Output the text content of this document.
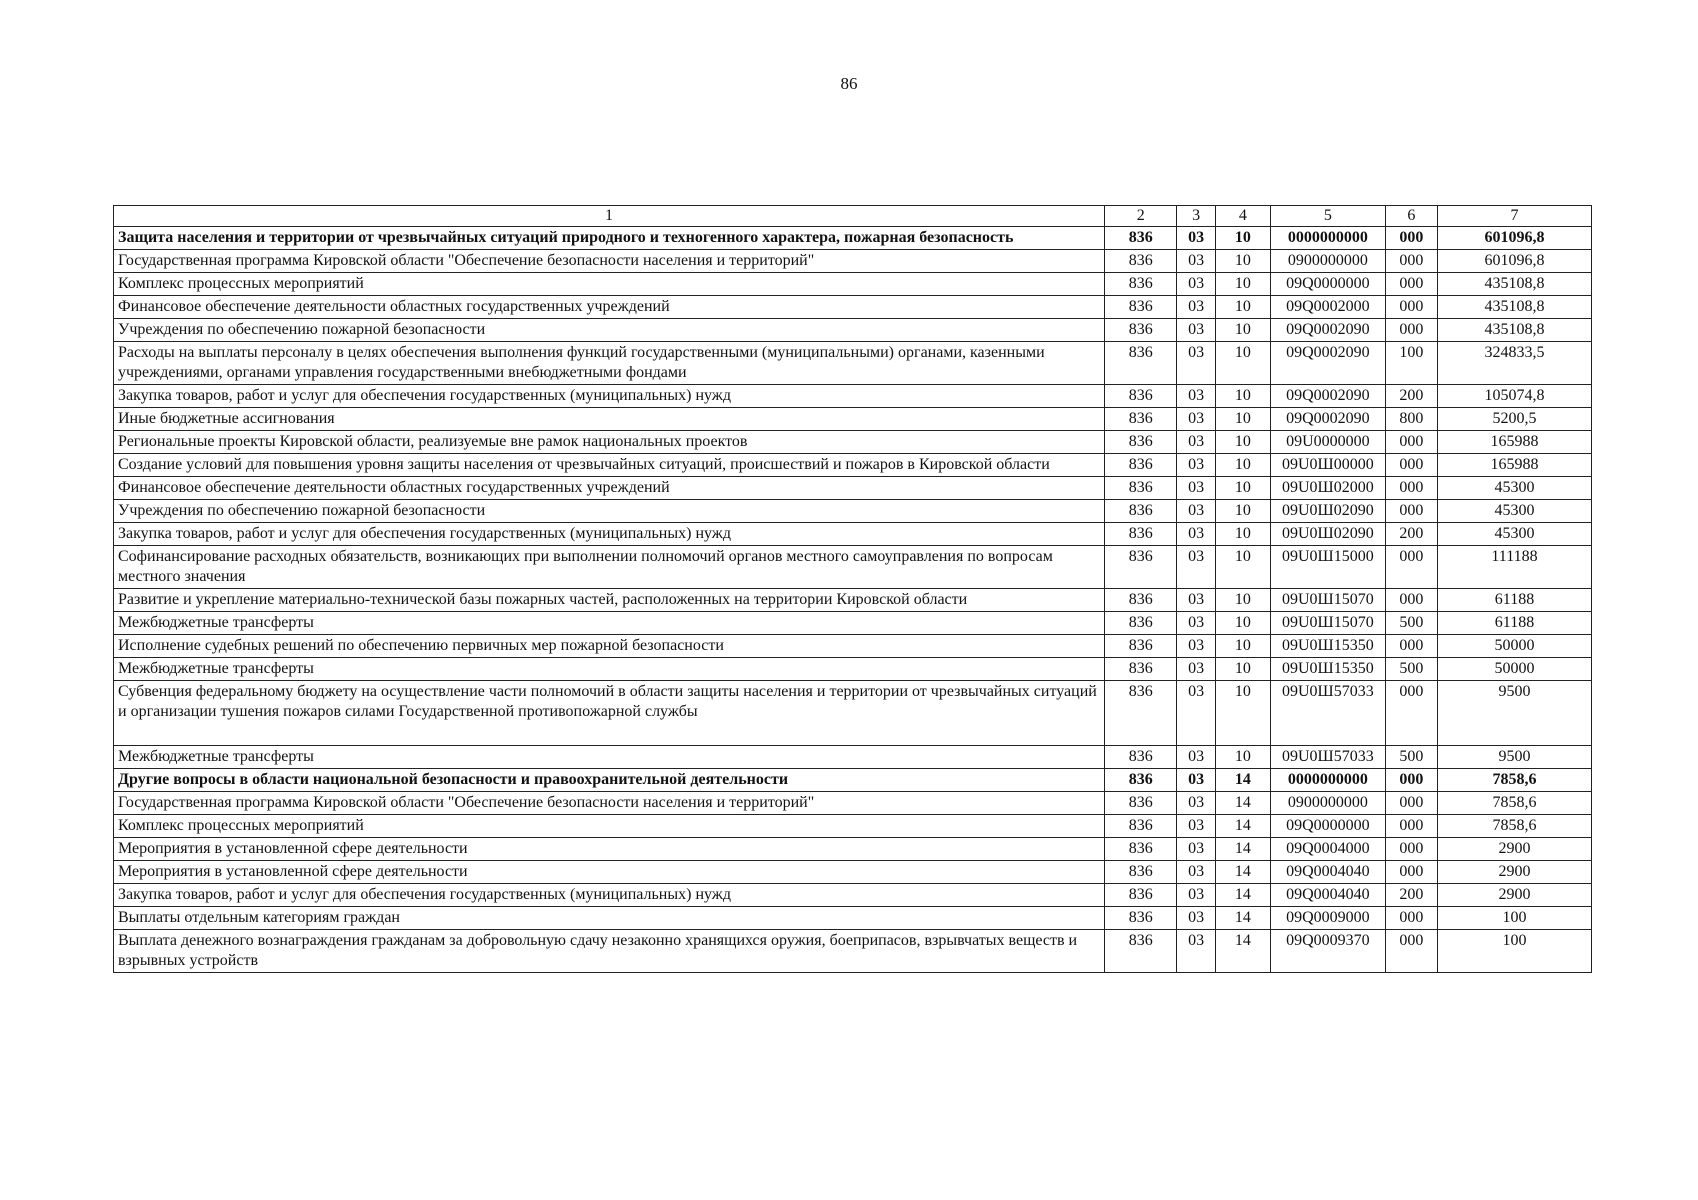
86
1	2	3	4	5	6	7
Защита населения и территории от чрезвычайных ситуаций природного и техногенного характера, пожарная безопасность	836	03	10	0000000000	000	601096,8
Государственная программа Кировской области "Обеспечение безопасности населения и территорий"	836	03	10	0900000000	000	601096,8
Комплекс процессных мероприятий	836	03	10	09Q0000000	000	435108,8
Финансовое обеспечение деятельности областных государственных учреждений	836	03	10	09Q0002000	000	435108,8
Учреждения по обеспечению пожарной безопасности	836	03	10	09Q0002090	000	435108,8
Расходы на выплаты персоналу в целях обеспечения выполнения функций государственными (муниципальными) органами, казенными учреждениями, органами управления государственными внебюджетными фондами	836	03	10	09Q0002090	100	324833,5
Закупка товаров, работ и услуг для обеспечения государственных (муниципальных) нужд	836	03	10	09Q0002090	200	105074,8
Иные бюджетные ассигнования	836	03	10	09Q0002090	800	5200,5
Региональные проекты Кировской области, реализуемые вне рамок национальных проектов	836	03	10	09U0000000	000	165988
Создание условий для повышения уровня защиты населения от чрезвычайных ситуаций, происшествий и пожаров в Кировской области	836	03	10	09U0Ш00000	000	165988
Финансовое обеспечение деятельности областных государственных учреждений	836	03	10	09U0Ш02000	000	45300
Учреждения по обеспечению пожарной безопасности	836	03	10	09U0Ш02090	000	45300
Закупка товаров, работ и услуг для обеспечения государственных (муниципальных) нужд	836	03	10	09U0Ш02090	200	45300
Софинансирование расходных обязательств, возникающих при выполнении полномочий органов местного самоуправления по вопросам местного значения	836	03	10	09U0Ш15000	000	111188
Развитие и укрепление материально-технической базы пожарных частей, расположенных на территории Кировской области	836	03	10	09U0Ш15070	000	61188
Межбюджетные трансферты	836	03	10	09U0Ш15070	500	61188
Исполнение судебных решений по обеспечению первичных мер пожарной безопасности	836	03	10	09U0Ш15350	000	50000
Межбюджетные трансферты	836	03	10	09U0Ш15350	500	50000
Субвенция федеральному бюджету на осуществление части полномочий в области защиты населения и территории от чрезвычайных ситуаций и организации тушения пожаров силами Государственной противопожарной службы	836	03	10	09U0Ш57033	000	9500
Межбюджетные трансферты	836	03	10	09U0Ш57033	500	9500
Другие вопросы в области национальной безопасности и правоохранительной деятельности	836	03	14	0000000000	000	7858,6
Государственная программа Кировской области "Обеспечение безопасности населения и территорий"	836	03	14	0900000000	000	7858,6
Комплекс процессных мероприятий	836	03	14	09Q0000000	000	7858,6
Мероприятия в установленной сфере деятельности	836	03	14	09Q0004000	000	2900
Мероприятия в установленной сфере деятельности	836	03	14	09Q0004040	000	2900
Закупка товаров, работ и услуг для обеспечения государственных (муниципальных) нужд	836	03	14	09Q0004040	200	2900
Выплаты отдельным категориям граждан	836	03	14	09Q0009000	000	100
Выплата денежного вознаграждения гражданам за добровольную сдачу незаконно хранящихся оружия, боеприпасов, взрывчатых веществ и взрывных устройств	836	03	14	09Q0009370	000	100
